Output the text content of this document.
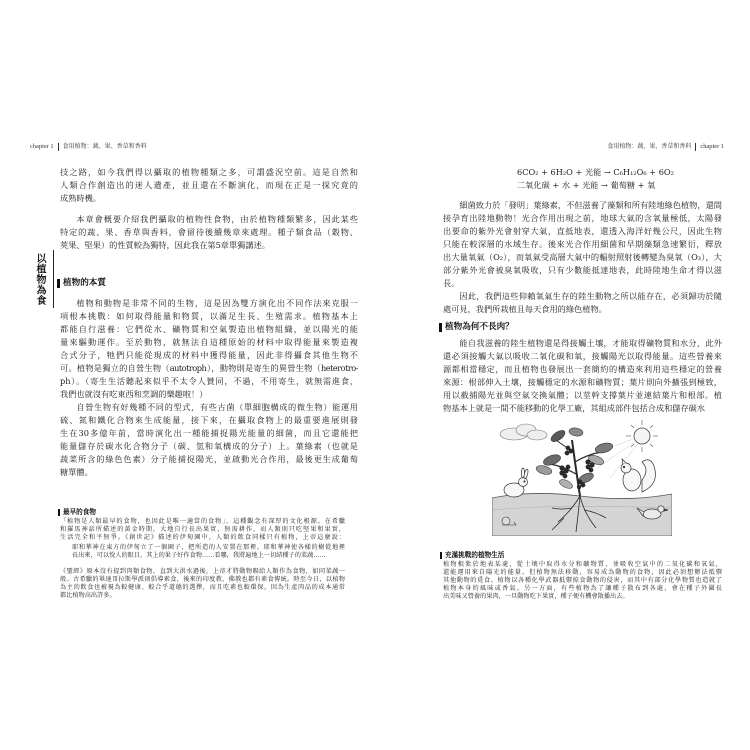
chapter 1 食用植物：蔬、果、香草和香料	食用植物：蔬、果、香草和香料 chapter 1
技之路，如今我們得以攝取的植物種類之多，可謂盛況空前。這是自然和
人類合作創造出的迷人遺產，並且還在不斷演化，而現在正是一探究竟的
成熟時機。
本章會概要介紹我們攝取的植物性食物，由於植物種類繁多，因此某些
特定的蔬、果、香草與香料，會留待後續幾章來處理。種子類食品（穀物、
莢果、堅果）的性質較為獨特，因此我在第5章單獨講述。
以植物為食 植物的本質
植物和動物是非常不同的生物，這是因為雙方演化出不同作法來克服一
項根本挑戰：如何取得能量和物質，以滿足生長、生殖需求。植物基本上
都能自行滋養：它們從水、礦物質和空氣製造出植物組織，並以陽光的能
量來驅動運作。至於動物，就無法自這種原始的材料中取得能量來製造複
合式分子，牠們只能從現成的材料中獲得能量，因此非得攝食其他生物不
可。植物是獨立的自營生物（autotroph），動物則是寄生的異營生物（heterotro-
ph）。（寄生生活聽起來似乎不太令人贊同，不過，不用寄生，就無需進食，
我們也就沒有吃東西和烹調的樂趣啦！）
自營生物有好幾種不同的型式，有些古菌（單細胞構成的微生物）能運用
硫、氮和鐵化合物來生成能量，接下來，在攝取食物上的最重要進展則發
生在30多億年前，當時演化出一種能捕捉陽光能量的細菌，而且它還能把
能量儲存於碳水化合物分子（碳、氫和氧構成的分子）上。葉綠素（也就是
蔬菜所含的綠色色素）分子能捕捉陽光，並啟動光合作用，最後更生成葡萄
糖單體。
最早的食物
「植物是人類最早的食物，也因此是唯一適當的食物」，這種觀念有深厚的文化根源。在希臘
和羅馬神話所描述的黃金時期，大地自行長出果實，無需耕作，而人類則只吃堅果和果實，
生活完全和平無爭。《創世記》描述的伊甸園中，人類的飲食同樣只有植物，上帝這麼說：
耶和華神在東方的伊甸立了一個園子，把所造的人安置在那裡。耶和華神使各樣的樹從地裡
長出來，可以悅人的眼目，其上的果子好作食物……看哪，我將遍地上一切結種子的菜蔬……
《聖經》原本沒有提到肉類食物，直到大洪水過後，上帝才將動物賜給人類作為食物，如同菜蔬一
般。古希臘的畢達哥拉斯學派則倡導素食，後來的印度教、佛教也都有素食傳統。時至今日，以植物
為主的飲食也被視為較健康、較合乎道德的選擇，而且吃素也較環保，因為生產肉品的成本通常
都比植物高出許多。
6CO₂ + 6H₂O + 光能 → C₆H₁₂O₆ + 6O₂
二氧化碳 + 水 + 光能 → 葡萄糖 + 氧
細菌致力於「發明」葉綠素，不但滋養了藻類和所有陸地綠色植物，還間
接孕育出陸地動物！光合作用出現之前，地球大氣的含氧量極低，太陽發
出要命的紫外光會射穿大氣，直抵地表，還透入海洋好幾公尺，因此生物
只能在較深層的水域生存。後來光合作用細菌和早期藻類急速繁衍，釋放
出大量氧氣（O₂），而氧氣受高層大氣中的輻射照射後轉變為臭氧（O₃），大
部分紫外光會被臭氧吸收，只有少數能抵達地表，此時陸地生命才得以滋
長。
因此，我們這些仰賴氧氣生存的陸生動物之所以能存在，必須歸功於隨
處可見，我們所栽植且每天食用的綠色植物。
植物為何不長肉？
能自我滋養的陸生植物還是得接觸土壤，才能取得礦物質和水分，此外
還必須接觸大氣以吸收二氧化碳和氧，接觸陽光以取得能量。這些營養來
源都相當穩定，而且植物也發展出一套簡約的構造來利用這些穩定的營養
來源：根部伸入土壤，接觸穩定的水源和礦物質；葉片則向外擴張到極致，
用以截捕陽光並與空氣交換氣體；以莖幹支撐葉片並連結葉片和根部。植
物基本上就是一間不能移動的化學工廠，其組成部件包括合成和儲存碳水
充滿挑戰的植物生活
植物根紮於地表某處，從土壤中取得水分和礦物質，並吸收空氣中的二氧化碳和氧氣，
還能運用來自陽光的能量。但植物無法移動，容易成為動物的食物，因此必須想辦法抵禦
其他動物的覓食。植物以各種化學武器抵禦掠食動物的侵害，而其中有部分化學物質也造就了
植物本身的風味或香氣。另一方面，有些植物為了讓種子散布到各處，會在種子外圍長
出美味又營養的果肉，一旦動物吃下果實，種子便有機會散播出去。
